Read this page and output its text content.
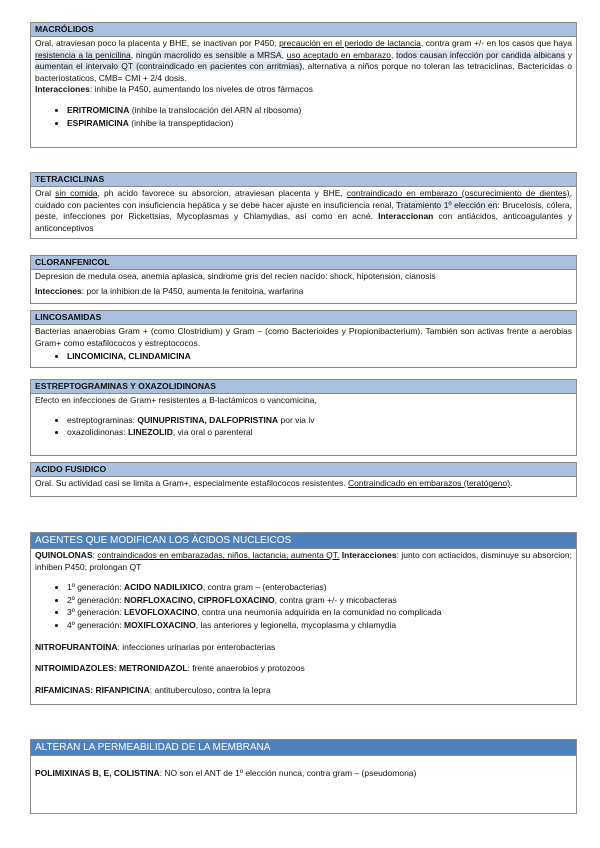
MACRÓLIDOS

Oral, atraviesan poco la placenta y BHE, se inactivan por P450, precaución en el periodo de lactancia, contra gram +/- en los casos que haya resistencia a la penicilina, ningún macrolido es sensible a MRSA, uso aceptado en embarazo, todos causan infección por candida albicans y aumentan el intervalo QT (contraindicado en pacientes con arritmias), alternativa a niños porque no toleran las tetraciclinas, Bactericidas o bacteriostaticos, CMB= CMI + 2/4 dosis.

Interacciones: inhibe la P450, aumentando los niveles de otros fármacos

• ERITROMICINA (inhibe la translocación del ARN al ribosoma)
• ESPIRAMICINA (inhibe la transpeptidacion)
TETRACICLINAS

Oral sin comida, ph acido favorece su absorcion, atraviesan placenta y BHE, contraindicado en embarazo (oscurecimiento de dientes), cuidado con pacientes con insuficiencia hepática y se debe hacer ajuste en insuficiencia renal, Tratamiento 1º elección en: Brucelosis, cólera, peste, infecciones por Rickettsias, Mycoplasmas y Chlamydias, así como en acné. Interaccionan con antiácidos, anticoagulantes y anticonceptivos

CLORANFENICOL

Depresion de medula osea, anemia aplasica, sindrome gris del recien nacido: shock, hipotension, cianosis

Intecciones: por la inhibion de la P450, aumenta la fenitoina, warfarina

LINCOSAMIDAS

Bacterias anaerobias Gram + (como Clostridium) y Gram – (como Bacterioides y Propionibacterium). También son activas frente a aerobias Gram+ como estafilococos y estreptococos.

• LINCOMICINA, CLINDAMICINA
ESTREPTOGRAMINAS Y OXAZOLIDINONAS

Efecto en infecciones de Gram+ resistentes a B-lactámicos o vancomicina,

• estreptograminas: QUINUPRISTINA, DALFOPRISTINA por via iv
• oxazolidinonas: LINEZOLID, via oral o parenteral
ACIDO FUSIDICO

Oral. Su actividad casi se limita a Gram+, especialmente estafilococos resistentes. Contraindicado en embarazos (teratógeno).

AGENTES QUE MODIFICAN LOS ÁCIDOS NUCLEICOS

QUINOLONAS: contraindicados en embarazadas, niños, lactancia, aumenta QT. Interacciones: junto con actiacidos, disminuye su absorcion; inhiben P450; prolongan QT

• 1º generación: ACIDO NADILIXICO, contra gram – (enterobacterias)
• 2º generación: NORFLOXACINO, CIPROFLOXACINO, contra gram +/- y micobacteras
• 3º generación: LEVOFLOXACINO, contra una neumonía adquirida en la comunidad no complicada
• 4º generación: MOXIFLOXACINO, las anteriores y legionella, mycoplasma y chlamydia

NITROFURANTOINA: infecciones urinarias por enterobacterias

NITROIMIDAZOLES: METRONIDAZOL: frente anaerobios y protozoos

RIFAMICINAS: RIFANPICINA: antituberculoso, contra la lepra

ALTERAN LA PERMEABILIDAD DE LA MEMBRANA

POLIMIXINAS B, E, COLISTINA: NO son el ANT de 1º elección nunca, contra gram – (pseudomona)
